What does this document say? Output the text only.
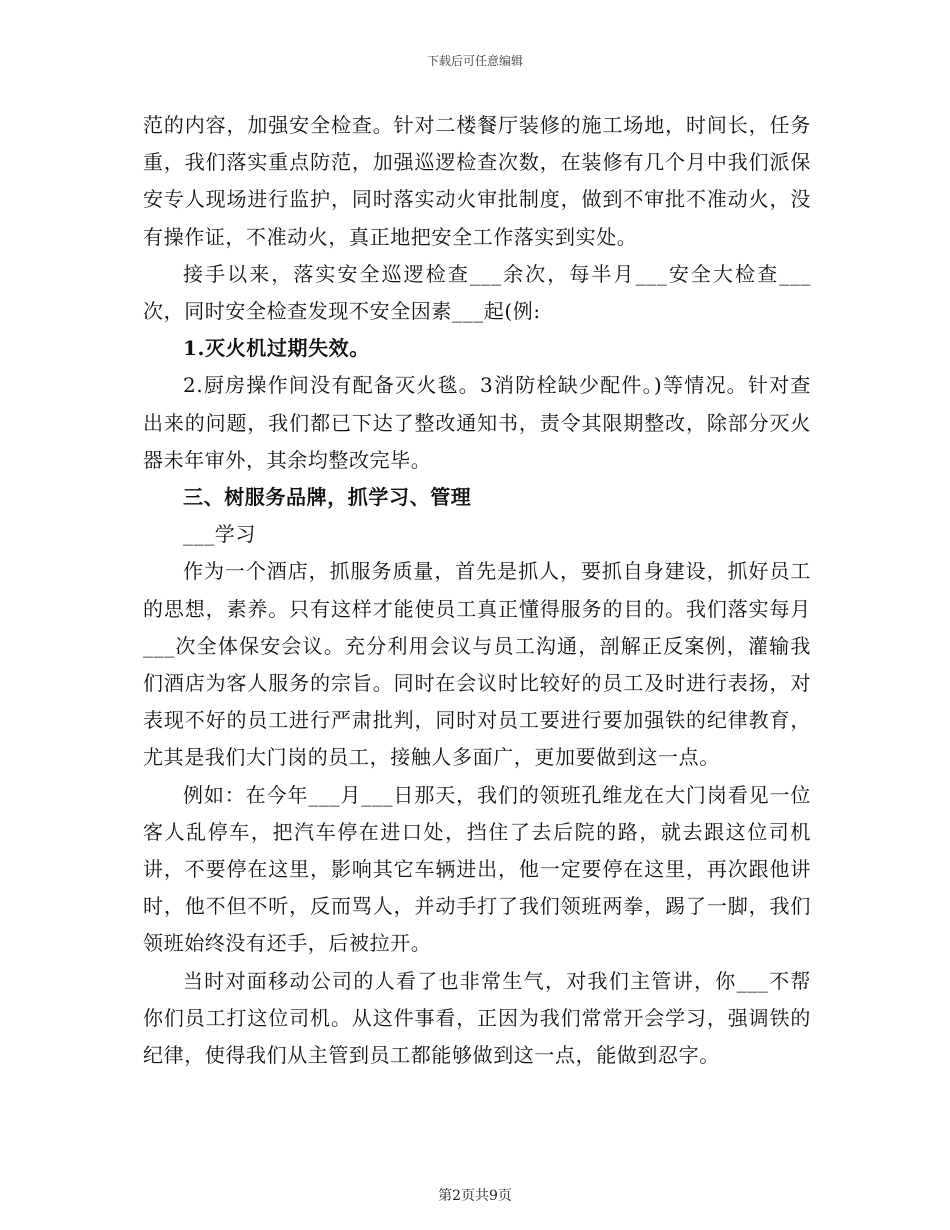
下载后可任意编辑

范的内容，加强安全检查。针对二楼餐厅装修的施工场地，时间长，任务重，我们落实重点防范，加强巡逻检查次数，在装修有几个月中我们派保安专人现场进行监护，同时落实动火审批制度，做到不审批不准动火，没有操作证，不准动火，真正地把安全工作落实到实处。

接手以来，落实安全巡逻检查___余次，每半月___安全大检查___次，同时安全检查发现不安全因素___起(例:

1.灭火机过期失效。

2.厨房操作间没有配备灭火毯。3消防栓缺少配件。)等情况。针对查出来的问题，我们都已下达了整改通知书，责令其限期整改，除部分灭火器未年审外，其余均整改完毕。

三、树服务品牌，抓学习、管理

___学习

作为一个酒店，抓服务质量，首先是抓人，要抓自身建设，抓好员工的思想，素养。只有这样才能使员工真正懂得服务的目的。我们落实每月___次全体保安会议。充分利用会议与员工沟通，剖解正反案例，灌输我们酒店为客人服务的宗旨。同时在会议时比较好的员工及时进行表扬，对表现不好的员工进行严肃批判，同时对员工要进行要加强铁的纪律教育，尤其是我们大门岗的员工，接触人多面广，更加要做到这一点。

例如：在今年___月___日那天，我们的领班孔维龙在大门岗看见一位客人乱停车，把汽车停在进口处，挡住了去后院的路，就去跟这位司机讲，不要停在这里，影响其它车辆进出，他一定要停在这里，再次跟他讲时，他不但不听，反而骂人，并动手打了我们领班两拳，踢了一脚，我们领班始终没有还手，后被拉开。

当时对面移动公司的人看了也非常生气，对我们主管讲，你___不帮你们员工打这位司机。从这件事看，正因为我们常常开会学习，强调铁的纪律，使得我们从主管到员工都能够做到这一点，能做到忍字。

第2页共9页
